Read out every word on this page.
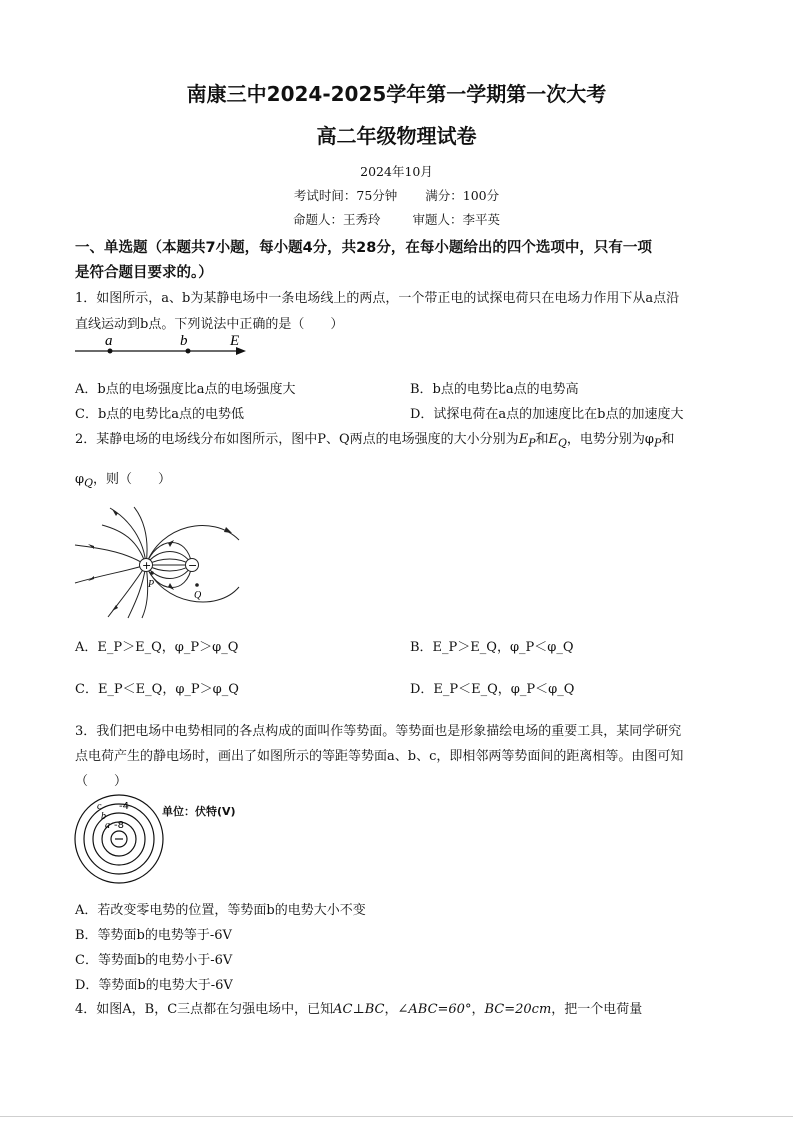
南康三中2024-2025学年第一学期第一次大考
高二年级物理试卷
2024年10月
考试时间：75分钟 满分：100分
命题人：王秀玲	审题人：李平英
一、单选题（本题共7小题，每小题4分，共28分，在每小题给出的四个选项中，只有一项
是符合题目要求的。）
1．如图所示，a、b为某静电场中一条电场线上的两点，一个带正电的试探电荷只在电场力作用下从a点沿
直线运动到b点。下列说法中正确的是（　　）
a	b	E
A．b点的电场强度比a点的电场强度大	B．b点的电势比a点的电势高
C．b点的电势比a点的电势低	D．试探电荷在a点的加速度比在b点的加速度大
2．某静电场的电场线分布如图所示，图中P、Q两点的电场强度的大小分别为$E_P$和$E_Q$，电势分别为$\varphi_P$和
$\varphi_Q$，则（　　）
+	−
P
Q
A．E_P＞E_Q，φ_P＞φ_Q	B．E_P＞E_Q，φ_P＜φ_Q
C．E_P＜E_Q，φ_P＞φ_Q	D．E_P＜E_Q，φ_P＜φ_Q
3．我们把电场中电势相同的各点构成的面叫作等势面。等势面也是形象描绘电场的重要工具，某同学研究
点电荷产生的静电场时，画出了如图所示的等距等势面a、b、c，即相邻两等势面间的距离相等。由图可知
（　　）
c -4
b
a -8
单位：伏特(V)
A．若改变零电势的位置，等势面b的电势大小不变
B．等势面b的电势等于-6V
C．等势面b的电势小于-6V
D．等势面b的电势大于-6V
4．如图A，B，C三点都在匀强电场中，已知AC⊥BC，∠ABC=60°，BC=20cm，把一个电荷量
